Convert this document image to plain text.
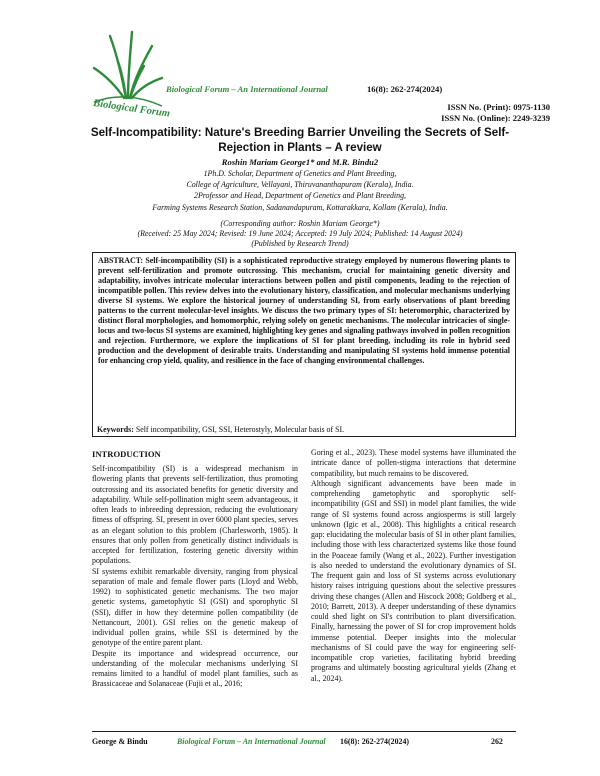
Biological Forum
Biological Forum – An International Journal	16(8): 262-274(2024)
ISSN No. (Print): 0975-1130
ISSN No. (Online): 2249-3239
Self-Incompatibility: Nature's Breeding Barrier Unveiling the Secrets of Self-Rejection in Plants – A review
Roshin Mariam George1* and M.R. Bindu2
1Ph.D. Scholar, Department of Genetics and Plant Breeding,
College of Agriculture, Vellayani, Thiruvananthapuram (Kerala), India.
2Professor and Head, Department of Genetics and Plant Breeding,
Farming Systems Research Station, Sadanandapuram, Kottarakkara, Kollam (Kerala), India.
(Corresponding author: Roshin Mariam George*)
(Received: 25 May 2024; Revised: 19 June 2024; Accepted: 19 July 2024; Published: 14 August 2024)
(Published by Research Trend)
ABSTRACT: Self-incompatibility (SI) is a sophisticated reproductive strategy employed by numerous flowering plants to prevent self-fertilization and promote outcrossing. This mechanism, crucial for maintaining genetic diversity and adaptability, involves intricate molecular interactions between pollen and pistil components, leading to the rejection of incompatible pollen. This review delves into the evolutionary history, classification, and molecular mechanisms underlying diverse SI systems. We explore the historical journey of understanding SI, from early observations of plant breeding patterns to the current molecular-level insights. We discuss the two primary types of SI: heteromorphic, characterized by distinct floral morphologies, and homomorphic, relying solely on genetic mechanisms. The molecular intricacies of single-locus and two-locus SI systems are examined, highlighting key genes and signaling pathways involved in pollen recognition and rejection. Furthermore, we explore the implications of SI for plant breeding, including its role in hybrid seed production and the development of desirable traits. Understanding and manipulating SI systems hold immense potential for enhancing crop yield, quality, and resilience in the face of changing environmental challenges.
Keywords: Self incompatibility, GSI, SSI, Heterostyly, Molecular basis of SI.
INTRODUCTION

Self-incompatibility (SI) is a widespread mechanism in flowering plants that prevents self-fertilization, thus promoting outcrossing and its associated benefits for genetic diversity and adaptability. While self-pollination might seem advantageous, it often leads to inbreeding depression, reducing the evolutionary fitness of offspring. SI, present in over 6000 plant species, serves as an elegant solution to this problem (Charlesworth, 1985). It ensures that only pollen from genetically distinct individuals is accepted for fertilization, fostering genetic diversity within populations.

SI systems exhibit remarkable diversity, ranging from physical separation of male and female flower parts (Lloyd and Webb, 1992) to sophisticated genetic mechanisms. The two major genetic systems, gametophytic SI (GSI) and sporophytic SI (SSI), differ in how they determine pollen compatibility (de Nettancourt, 2001). GSI relies on the genetic makeup of individual pollen grains, while SSI is determined by the genotype of the entire parent plant.

Despite its importance and widespread occurrence, our understanding of the molecular mechanisms underlying SI remains limited to a handful of model plant families, such as Brassicaceae and Solanaceae (Fujii et al., 2016;

Goring et al., 2023). These model systems have illuminated the intricate dance of pollen-stigma interactions that determine compatibility, but much remains to be discovered.

Although significant advancements have been made in comprehending gametophytic and sporophytic self-incompatibility (GSI and SSI) in model plant families, the wide range of SI systems found across angiosperms is still largely unknown (Igic et al., 2008). This highlights a critical research gap: elucidating the molecular basis of SI in other plant families, including those with less characterized systems like those found in the Poaceae family (Wang et al., 2022). Further investigation is also needed to understand the evolutionary dynamics of SI. The frequent gain and loss of SI systems across evolutionary history raises intriguing questions about the selective pressures driving these changes (Allen and Hiscock 2008; Goldberg et al., 2010; Barrett, 2013). A deeper understanding of these dynamics could shed light on SI's contribution to plant diversification. Finally, harnessing the power of SI for crop improvement holds immense potential. Deeper insights into the molecular mechanisms of SI could pave the way for engineering self-incompatible crop varieties, facilitating hybrid breeding programs and ultimately boosting agricultural yields (Zhang et al., 2024).

George & Bindu	Biological Forum – An International Journal 16(8): 262-274(2024)	262
